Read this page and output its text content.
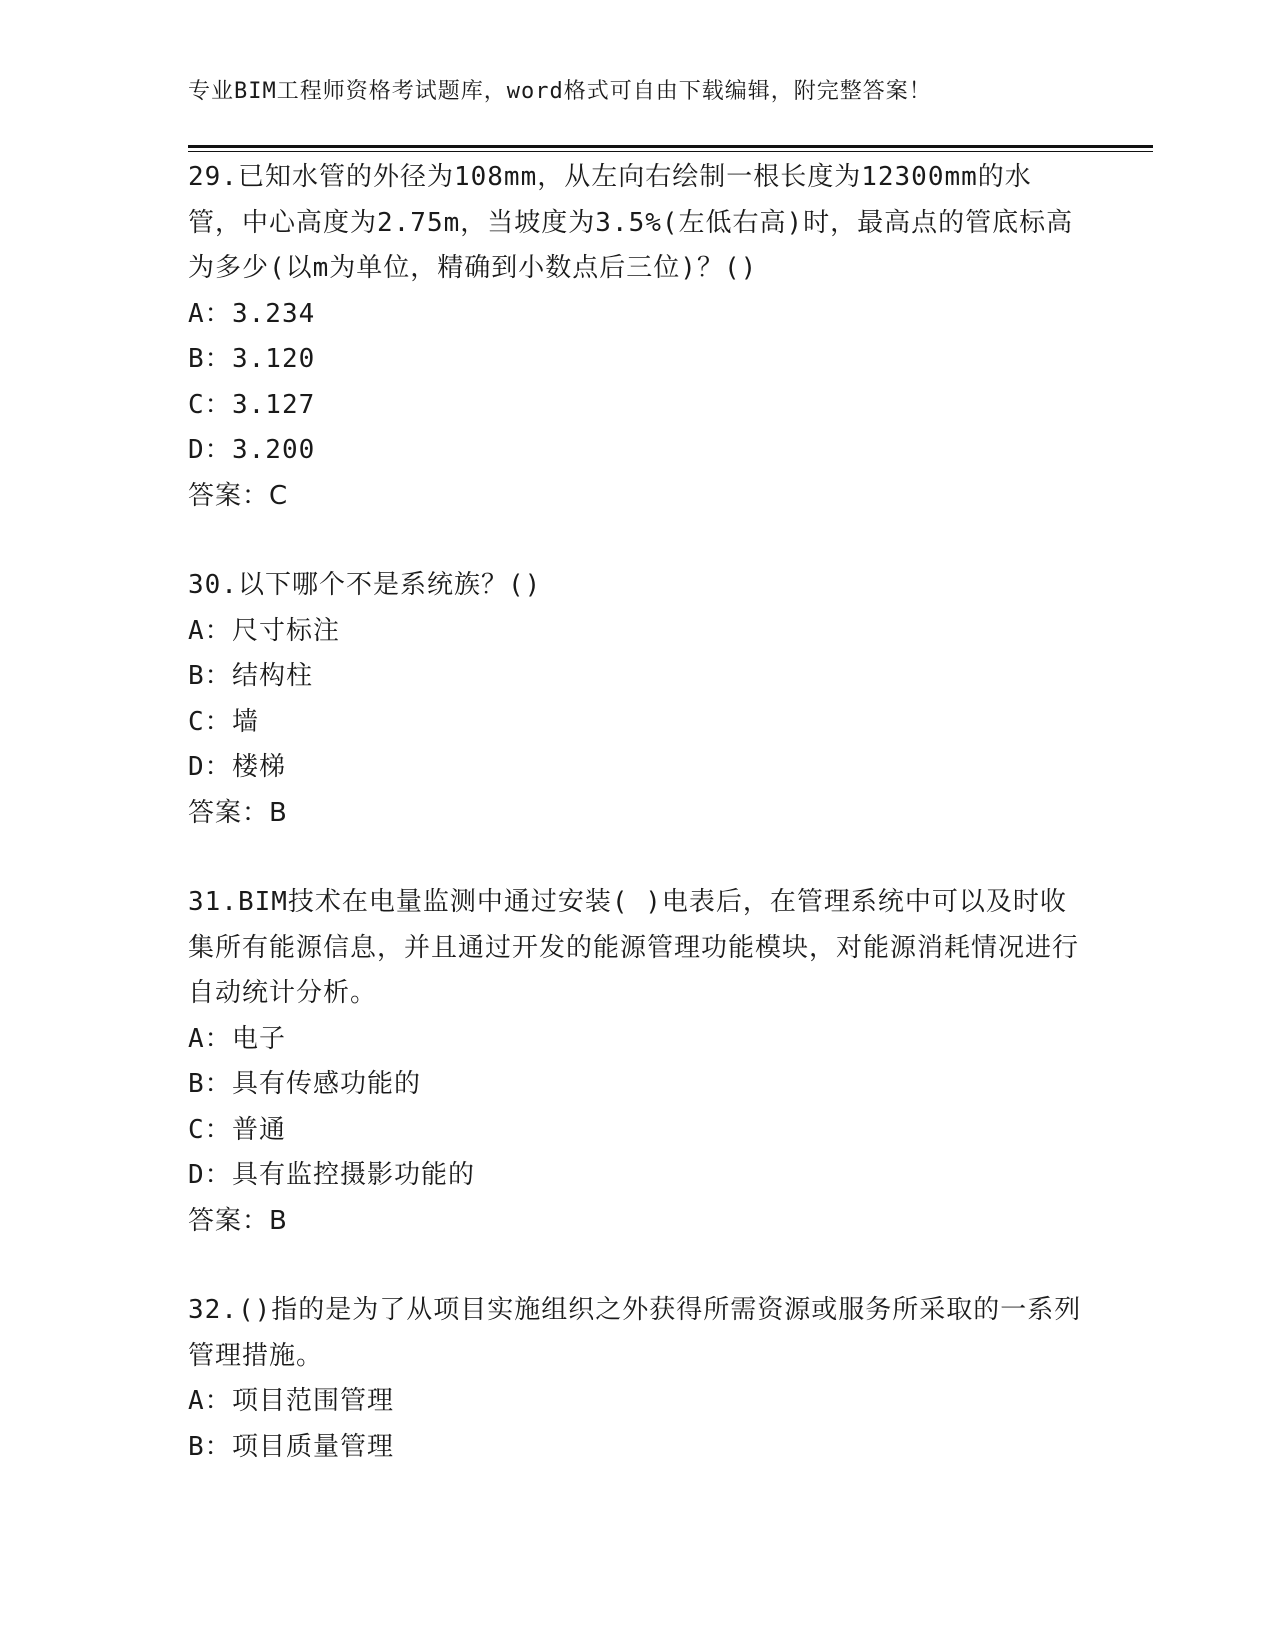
专业BIM工程师资格考试题库，word格式可自由下载编辑，附完整答案！
29.已知水管的外径为108mm，从左向右绘制一根长度为12300mm的水管，中心高度为2.75m，当坡度为3.5%(左低右高)时，最高点的管底标高为多少(以m为单位，精确到小数点后三位)？()
A：3.234
B：3.120
C：3.127
D：3.200
答案：C
30.以下哪个不是系统族？()
A：尺寸标注
B：结构柱
C：墙
D：楼梯
答案：B
31.BIM技术在电量监测中通过安装( )电表后，在管理系统中可以及时收集所有能源信息，并且通过开发的能源管理功能模块，对能源消耗情况进行自动统计分析。
A：电子
B：具有传感功能的
C：普通
D：具有监控摄影功能的
答案：B
32.()指的是为了从项目实施组织之外获得所需资源或服务所采取的一系列管理措施。
A：项目范围管理
B：项目质量管理
